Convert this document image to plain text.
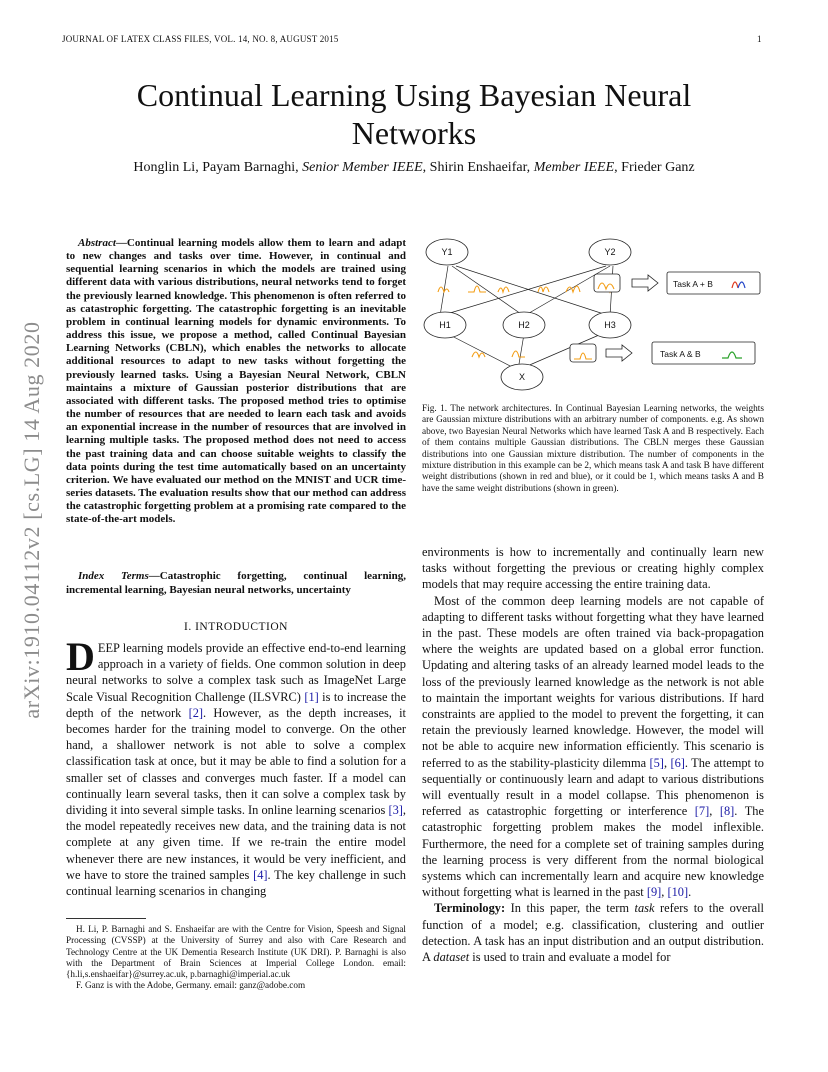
JOURNAL OF LATEX CLASS FILES, VOL. 14, NO. 8, AUGUST 2015	1
arXiv:1910.04112v2 [cs.LG] 14 Aug 2020
Continual Learning Using Bayesian Neural Networks
Honglin Li, Payam Barnaghi, Senior Member IEEE, Shirin Enshaeifar, Member IEEE, Frieder Ganz
Abstract—Continual learning models allow them to learn and adapt to new changes and tasks over time. However, in continual and sequential learning scenarios in which the models are trained using different data with various distributions, neural networks tend to forget the previously learned knowledge. This phenomenon is often referred to as catastrophic forgetting. The catastrophic forgetting is an inevitable problem in continual learning models for dynamic environments. To address this issue, we propose a method, called Continual Bayesian Learning Networks (CBLN), which enables the networks to allocate additional resources to adapt to new tasks without forgetting the previously learned tasks. Using a Bayesian Neural Network, CBLN maintains a mixture of Gaussian posterior distributions that are associated with different tasks. The proposed method tries to optimise the number of resources that are needed to learn each task and avoids an exponential increase in the number of resources that are involved in learning multiple tasks. The proposed method does not need to access the past training data and can choose suitable weights to classify the data points during the test time automatically based on an uncertainty criterion. We have evaluated our method on the MNIST and UCR time-series datasets. The evaluation results show that our method can address the catastrophic forgetting problem at a promising rate compared to the state-of-the-art models.
Index Terms—Catastrophic forgetting, continual learning, incremental learning, Bayesian neural networks, uncertainty
I. INTRODUCTION
DEEP learning models provide an effective end-to-end learning approach in a variety of fields. One common solution in deep neural networks to solve a complex task such as ImageNet Large Scale Visual Recognition Challenge (ILSVRC) [1] is to increase the depth of the network [2]. However, as the depth increases, it becomes harder for the training model to converge. On the other hand, a shallower network is not able to solve a complex classification task at once, but it may be able to find a solution for a smaller set of classes and converges much faster. If a model can continually learn several tasks, then it can solve a complex task by dividing it into several simple tasks. In online learning scenarios [3], the model repeatedly receives new data, and the training data is not complete at any given time. If we re-train the entire model whenever there are new instances, it would be very inefficient, and we have to store the trained samples [4]. The key challenge in such continual learning scenarios in changing

H. Li, P. Barnaghi and S. Enshaeifar are with the Centre for Vision, Speesh and Signal Processing (CVSSP) at the University of Surrey and also with Care Research and Technology Centre at the UK Dementia Research Institute (UK DRI). P. Barnaghi is also with the Department of Brain Sciences at Imperial College London. email: {h.li,s.enshaeifar}@surrey.ac.uk, p.barnaghi@imperial.ac.uk

F. Ganz is with the Adobe, Germany. email: ganz@adobe.com

Y1	Y2
H1	H2	H3
X
Task A + B
Task A & B
Fig. 1. The network architectures. In Continual Bayesian Learning networks, the weights are Gaussian mixture distributions with an arbitrary number of components. e.g. As shown above, two Bayesian Neural Networks which have learned Task A and B respectively. Each of them contains multiple Gaussian distributions. The CBLN merges these Gaussian distributions into one Gaussian mixture distribution. The number of components in the mixture distribution in this example can be 2, which means task A and task B have different weight distributions (shown in red and blue), or it could be 1, which means tasks A and B have the same weight distributions (shown in green).

environments is how to incrementally and continually learn new tasks without forgetting the previous or creating highly complex models that may require accessing the entire training data.

Most of the common deep learning models are not capable of adapting to different tasks without forgetting what they have learned in the past. These models are often trained via back-propagation where the weights are updated based on a global error function. Updating and altering tasks of an already learned model leads to the loss of the previously learned knowledge as the network is not able to maintain the important weights for various distributions. If hard constraints are applied to the model to prevent the forgetting, it can retain the previously learned knowledge. However, the model will not be able to acquire new information efficiently. This scenario is referred to as the stability-plasticity dilemma [5], [6]. The attempt to sequentially or continuously learn and adapt to various distributions will eventually result in a model collapse. This phenomenon is referred as catastrophic forgetting or interference [7], [8]. The catastrophic forgetting problem makes the model inflexible. Furthermore, the need for a complete set of training samples during the learning process is very different from the normal biological systems which can incrementally learn and acquire new knowledge without forgetting what is learned in the past [9], [10].

Terminology: In this paper, the term task refers to the overall function of a model; e.g. classification, clustering and outlier detection. A task has an input distribution and an output distribution. A dataset is used to train and evaluate a model for
